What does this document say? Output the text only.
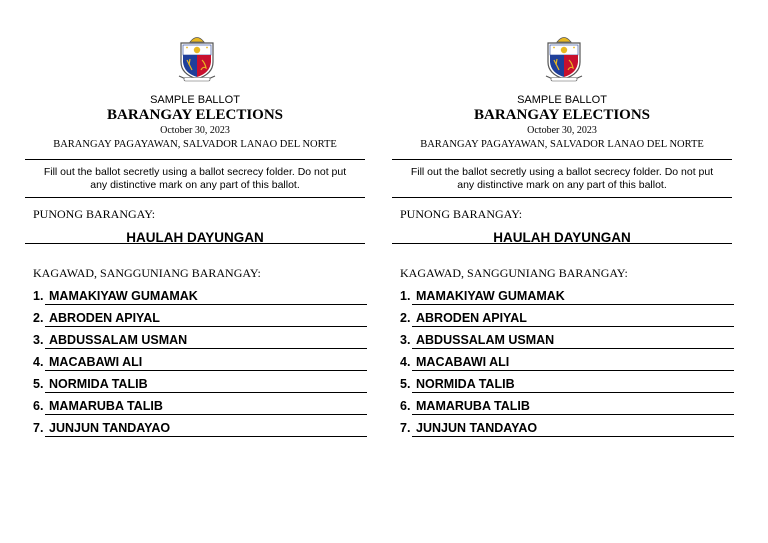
SAMPLE BALLOT
BARANGAY ELECTIONS
October 30, 2023
BARANGAY PAGAYAWAN, SALVADOR LANAO DEL NORTE
Fill out the ballot secretly using a ballot secrecy folder. Do not put any distinctive mark on any part of this ballot.
PUNONG BARANGAY:
HAULAH DAYUNGAN
KAGAWAD, SANGGUNIANG BARANGAY:
1. MAMAKIYAW GUMAMAK
2. ABRODEN APIYAL
3. ABDUSSALAM USMAN
4. MACABAWI ALI
5. NORMIDA TALIB
6. MAMARUBA TALIB
7. JUNJUN TANDAYAO
SAMPLE BALLOT
BARANGAY ELECTIONS
October 30, 2023
BARANGAY PAGAYAWAN, SALVADOR LANAO DEL NORTE
Fill out the ballot secretly using a ballot secrecy folder. Do not put any distinctive mark on any part of this ballot.
PUNONG BARANGAY:
HAULAH DAYUNGAN
KAGAWAD, SANGGUNIANG BARANGAY:
1. MAMAKIYAW GUMAMAK
2. ABRODEN APIYAL
3. ABDUSSALAM USMAN
4. MACABAWI ALI
5. NORMIDA TALIB
6. MAMARUBA TALIB
7. JUNJUN TANDAYAO
